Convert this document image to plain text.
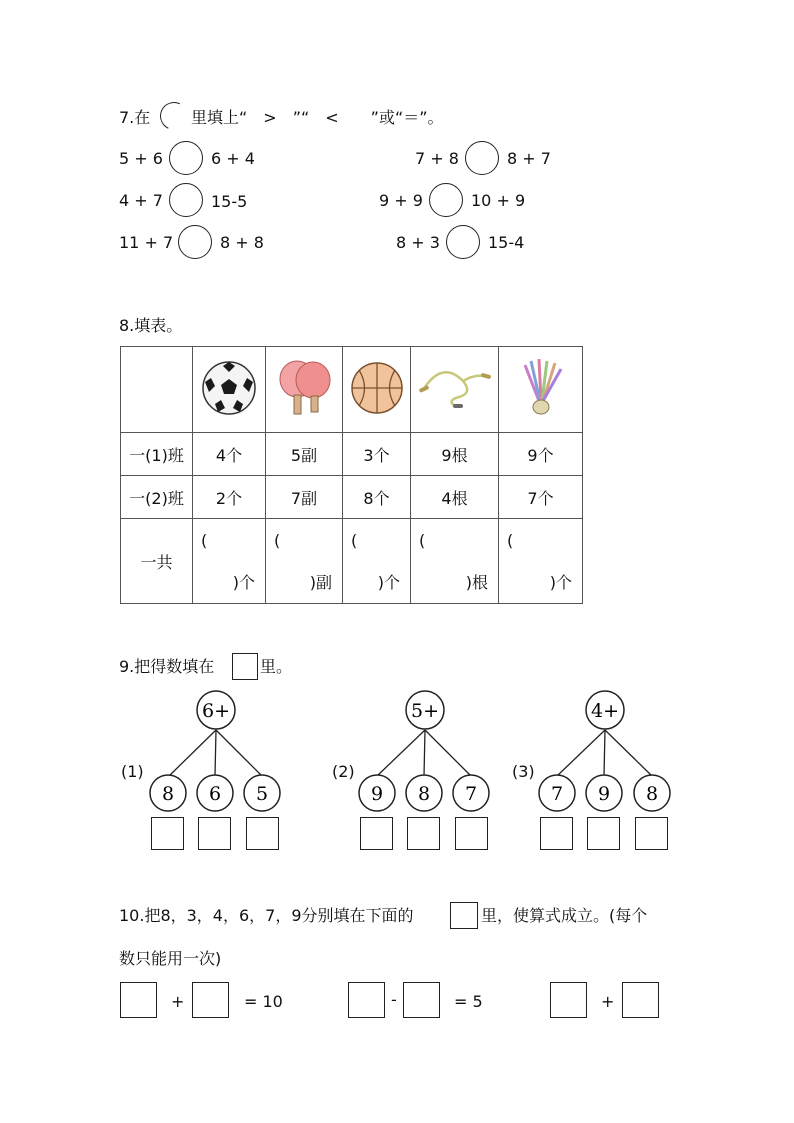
7.在	里填上“　>　”“　<　　”或“＝”。
5 + 6	6 + 4	7 + 8	8 + 7
4 + 7	15-5	9 + 9	10 + 9
11 + 7	8 + 8	8 + 3	15-4
8.填表。

一(1)班	4个	5副	3个	9根	9个
一(2)班	2个	7副	8个	4根	7个
一共	(
)个	(
)副	(
)个	(
)根	(
)个
9.把得数填在	里。
(1)
6+
8 6 5
(2)
5+
9 8 7
(3)
4+
7 9 8
10.把8，3，4，6，7，9分别填在下面的	里，使算式成立。(每个
数只能用一次)
+	= 10	-	= 5	+
